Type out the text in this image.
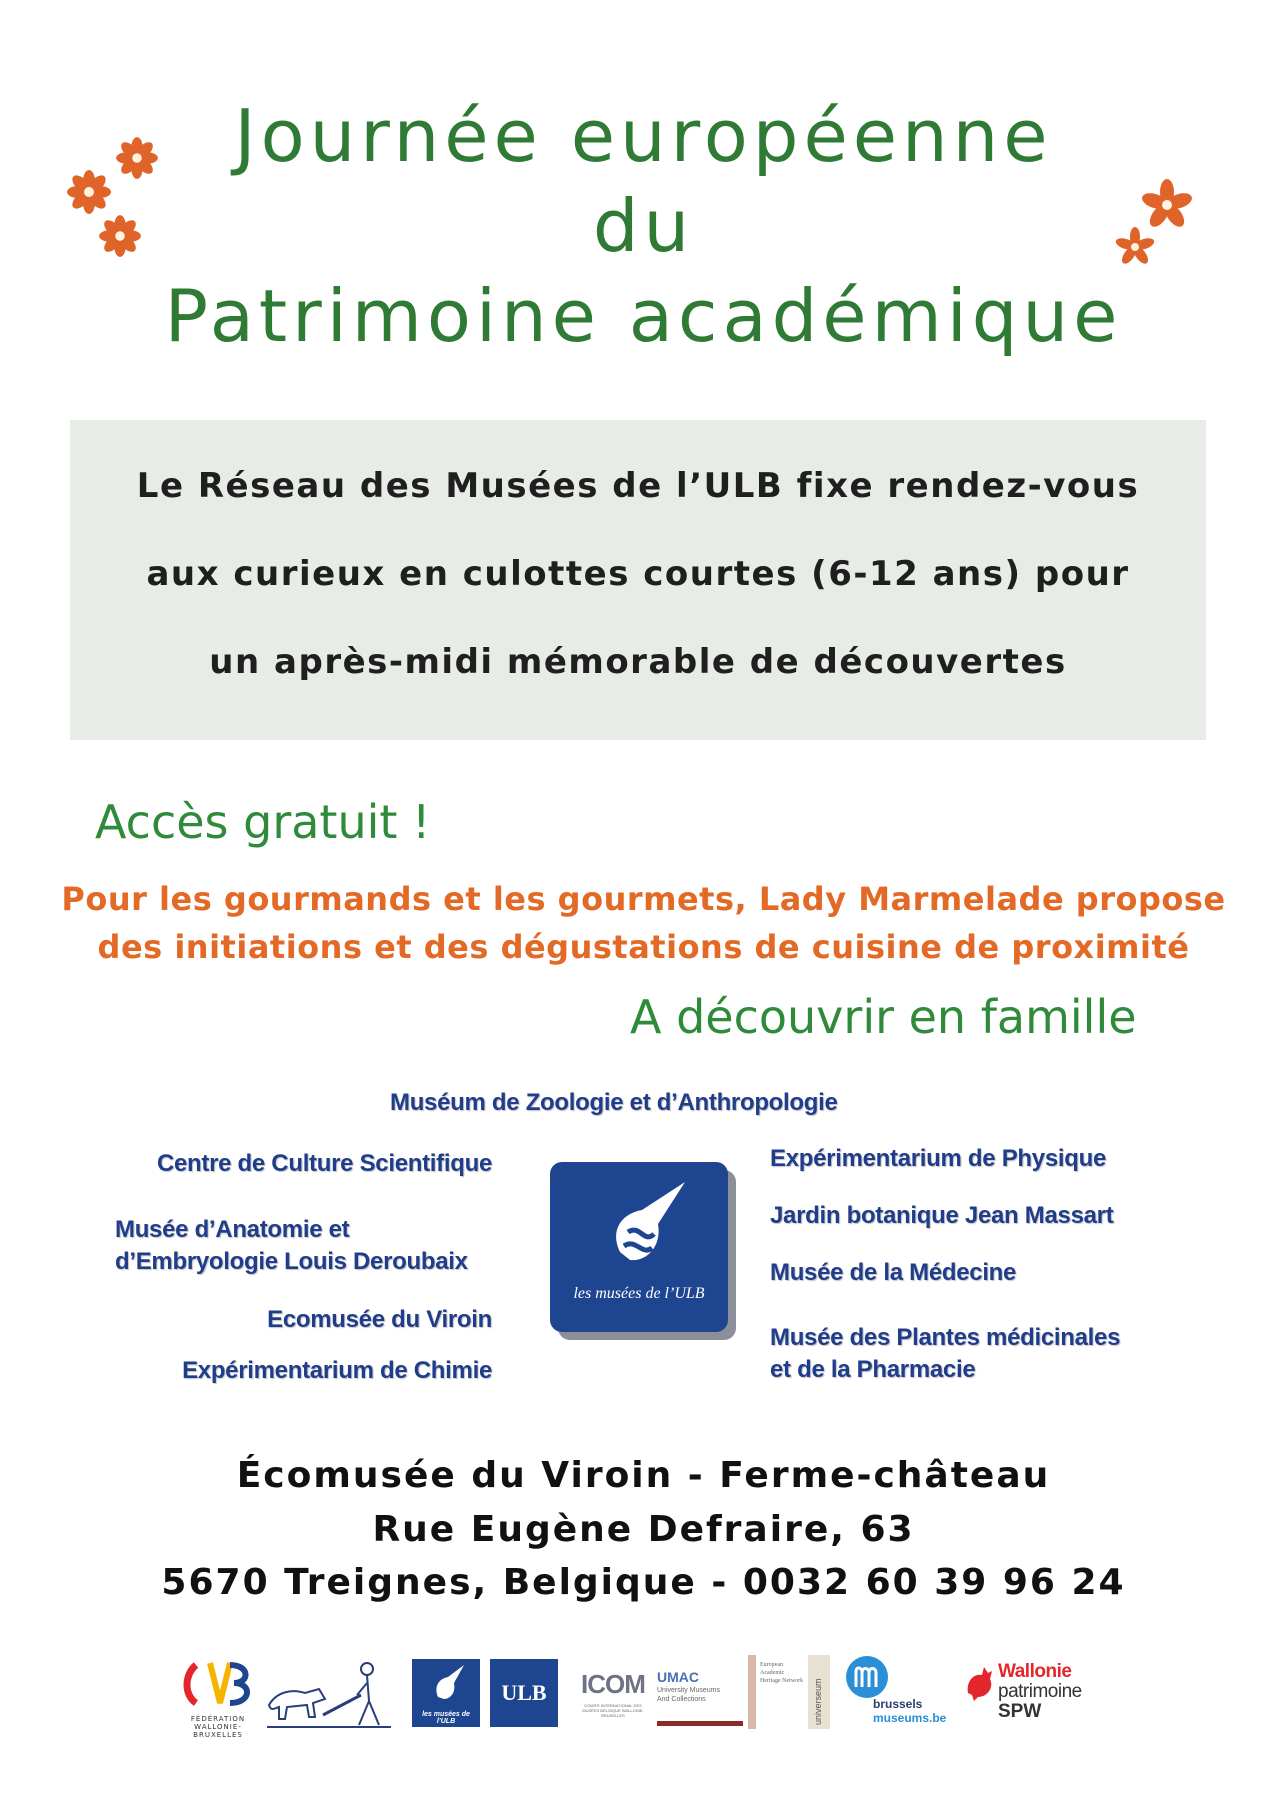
Journée européenne
du
Patrimoine académique
Le Réseau des Musées de l’ULB fixe rendez-vous
aux curieux en culottes courtes (6-12 ans) pour
un après-midi mémorable de découvertes
Accès gratuit !
Pour les gourmands et les gourmets, Lady Marmelade propose
des initiations et des dégustations de cuisine de proximité
A découvrir en famille
Muséum de Zoologie et d’Anthropologie
Centre de Culture Scientifique
Musée d’Anatomie et
d’Embryologie Louis Deroubaix
Ecomusée du Viroin
Expérimentarium de Chimie
Expérimentarium de Physique
Jardin botanique Jean Massart
Musée de la Médecine
Musée des Plantes médicinales
et de la Pharmacie
les musées de l’ULB
Écomusée du Viroin - Ferme-château
Rue Eugène Defraire, 63
5670 Treignes, Belgique - 0032 60 39 96 24
FÉDÉRATION WALLONIE-BRUXELLES
les musées de l’ULB
ULB	ICOM
COMITÉ INTERNATIONAL DES MUSÉES BELGIQUE WALLONIE-BRUXELLES
UMAC
University Museums
And Collections
European Academic Heritage Network universeum	brussels
museums.be
Wallonie
patrimoine
SPW
